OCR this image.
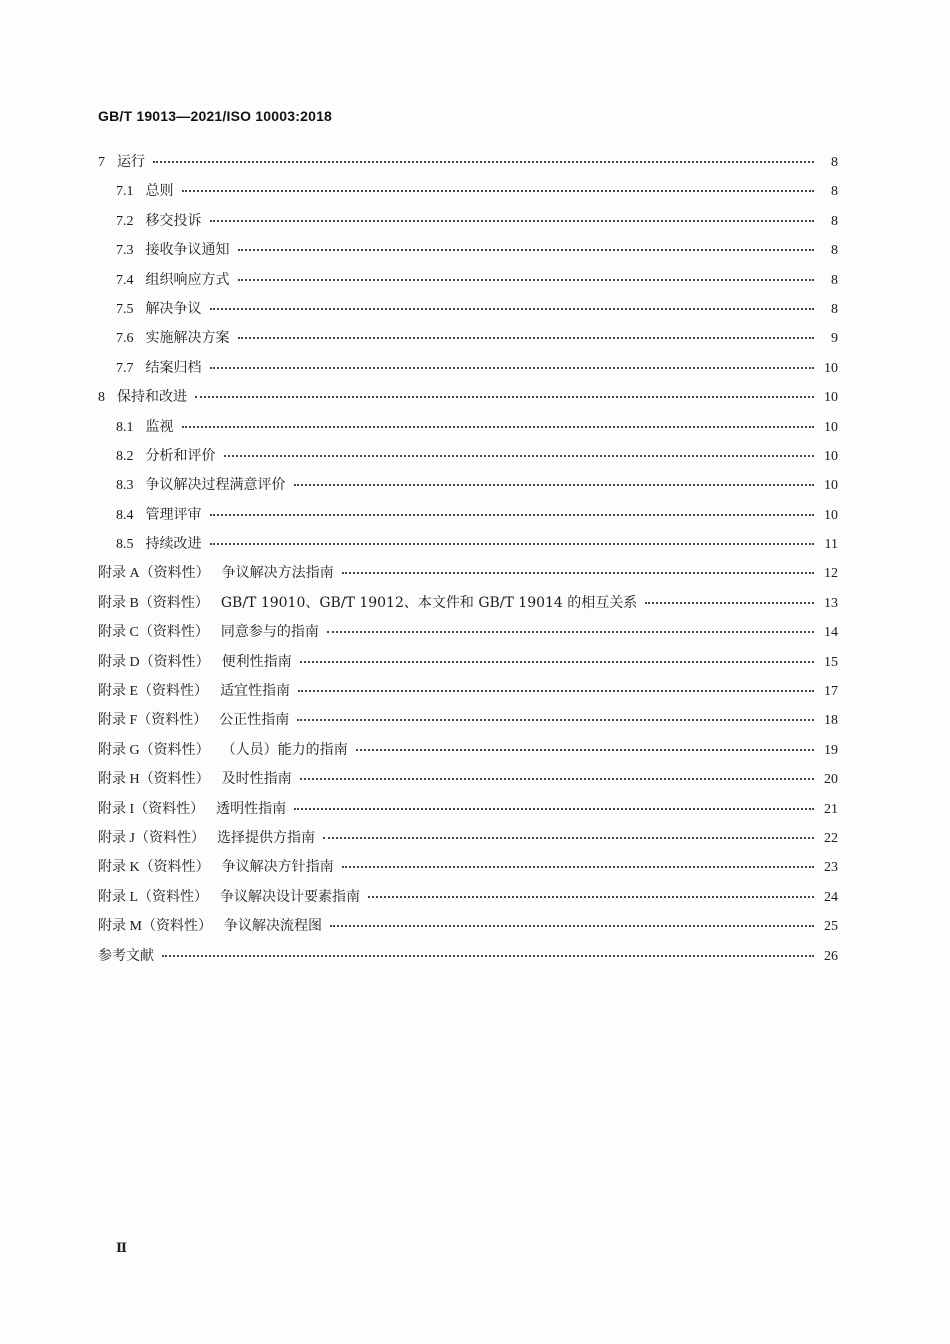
GB/T 19013—2021/ISO 10003:2018
7 运行	8
7.1 总则	8
7.2 移交投诉	8
7.3 接收争议通知	8
7.4 组织响应方式	8
7.5 解决争议	8
7.6 实施解决方案	9
7.7 结案归档	10
8 保持和改进	10
8.1 监视	10
8.2 分析和评价	10
8.3 争议解决过程满意评价	10
8.4 管理评审	10
8.5 持续改进	11
附录 A（资料性） 争议解决方法指南	12
附录 B（资料性） GB/T 19010、GB/T 19012、本文件和 GB/T 19014 的相互关系	13
附录 C（资料性） 同意参与的指南	14
附录 D（资料性） 便利性指南	15
附录 E（资料性） 适宜性指南	17
附录 F（资料性） 公正性指南	18
附录 G（资料性） （人员）能力的指南	19
附录 H（资料性） 及时性指南	20
附录 I（资料性） 透明性指南	21
附录 J（资料性） 选择提供方指南	22
附录 K（资料性） 争议解决方针指南	23
附录 L（资料性） 争议解决设计要素指南	24
附录 M（资料性） 争议解决流程图	25
参考文献	26
Ⅱ
